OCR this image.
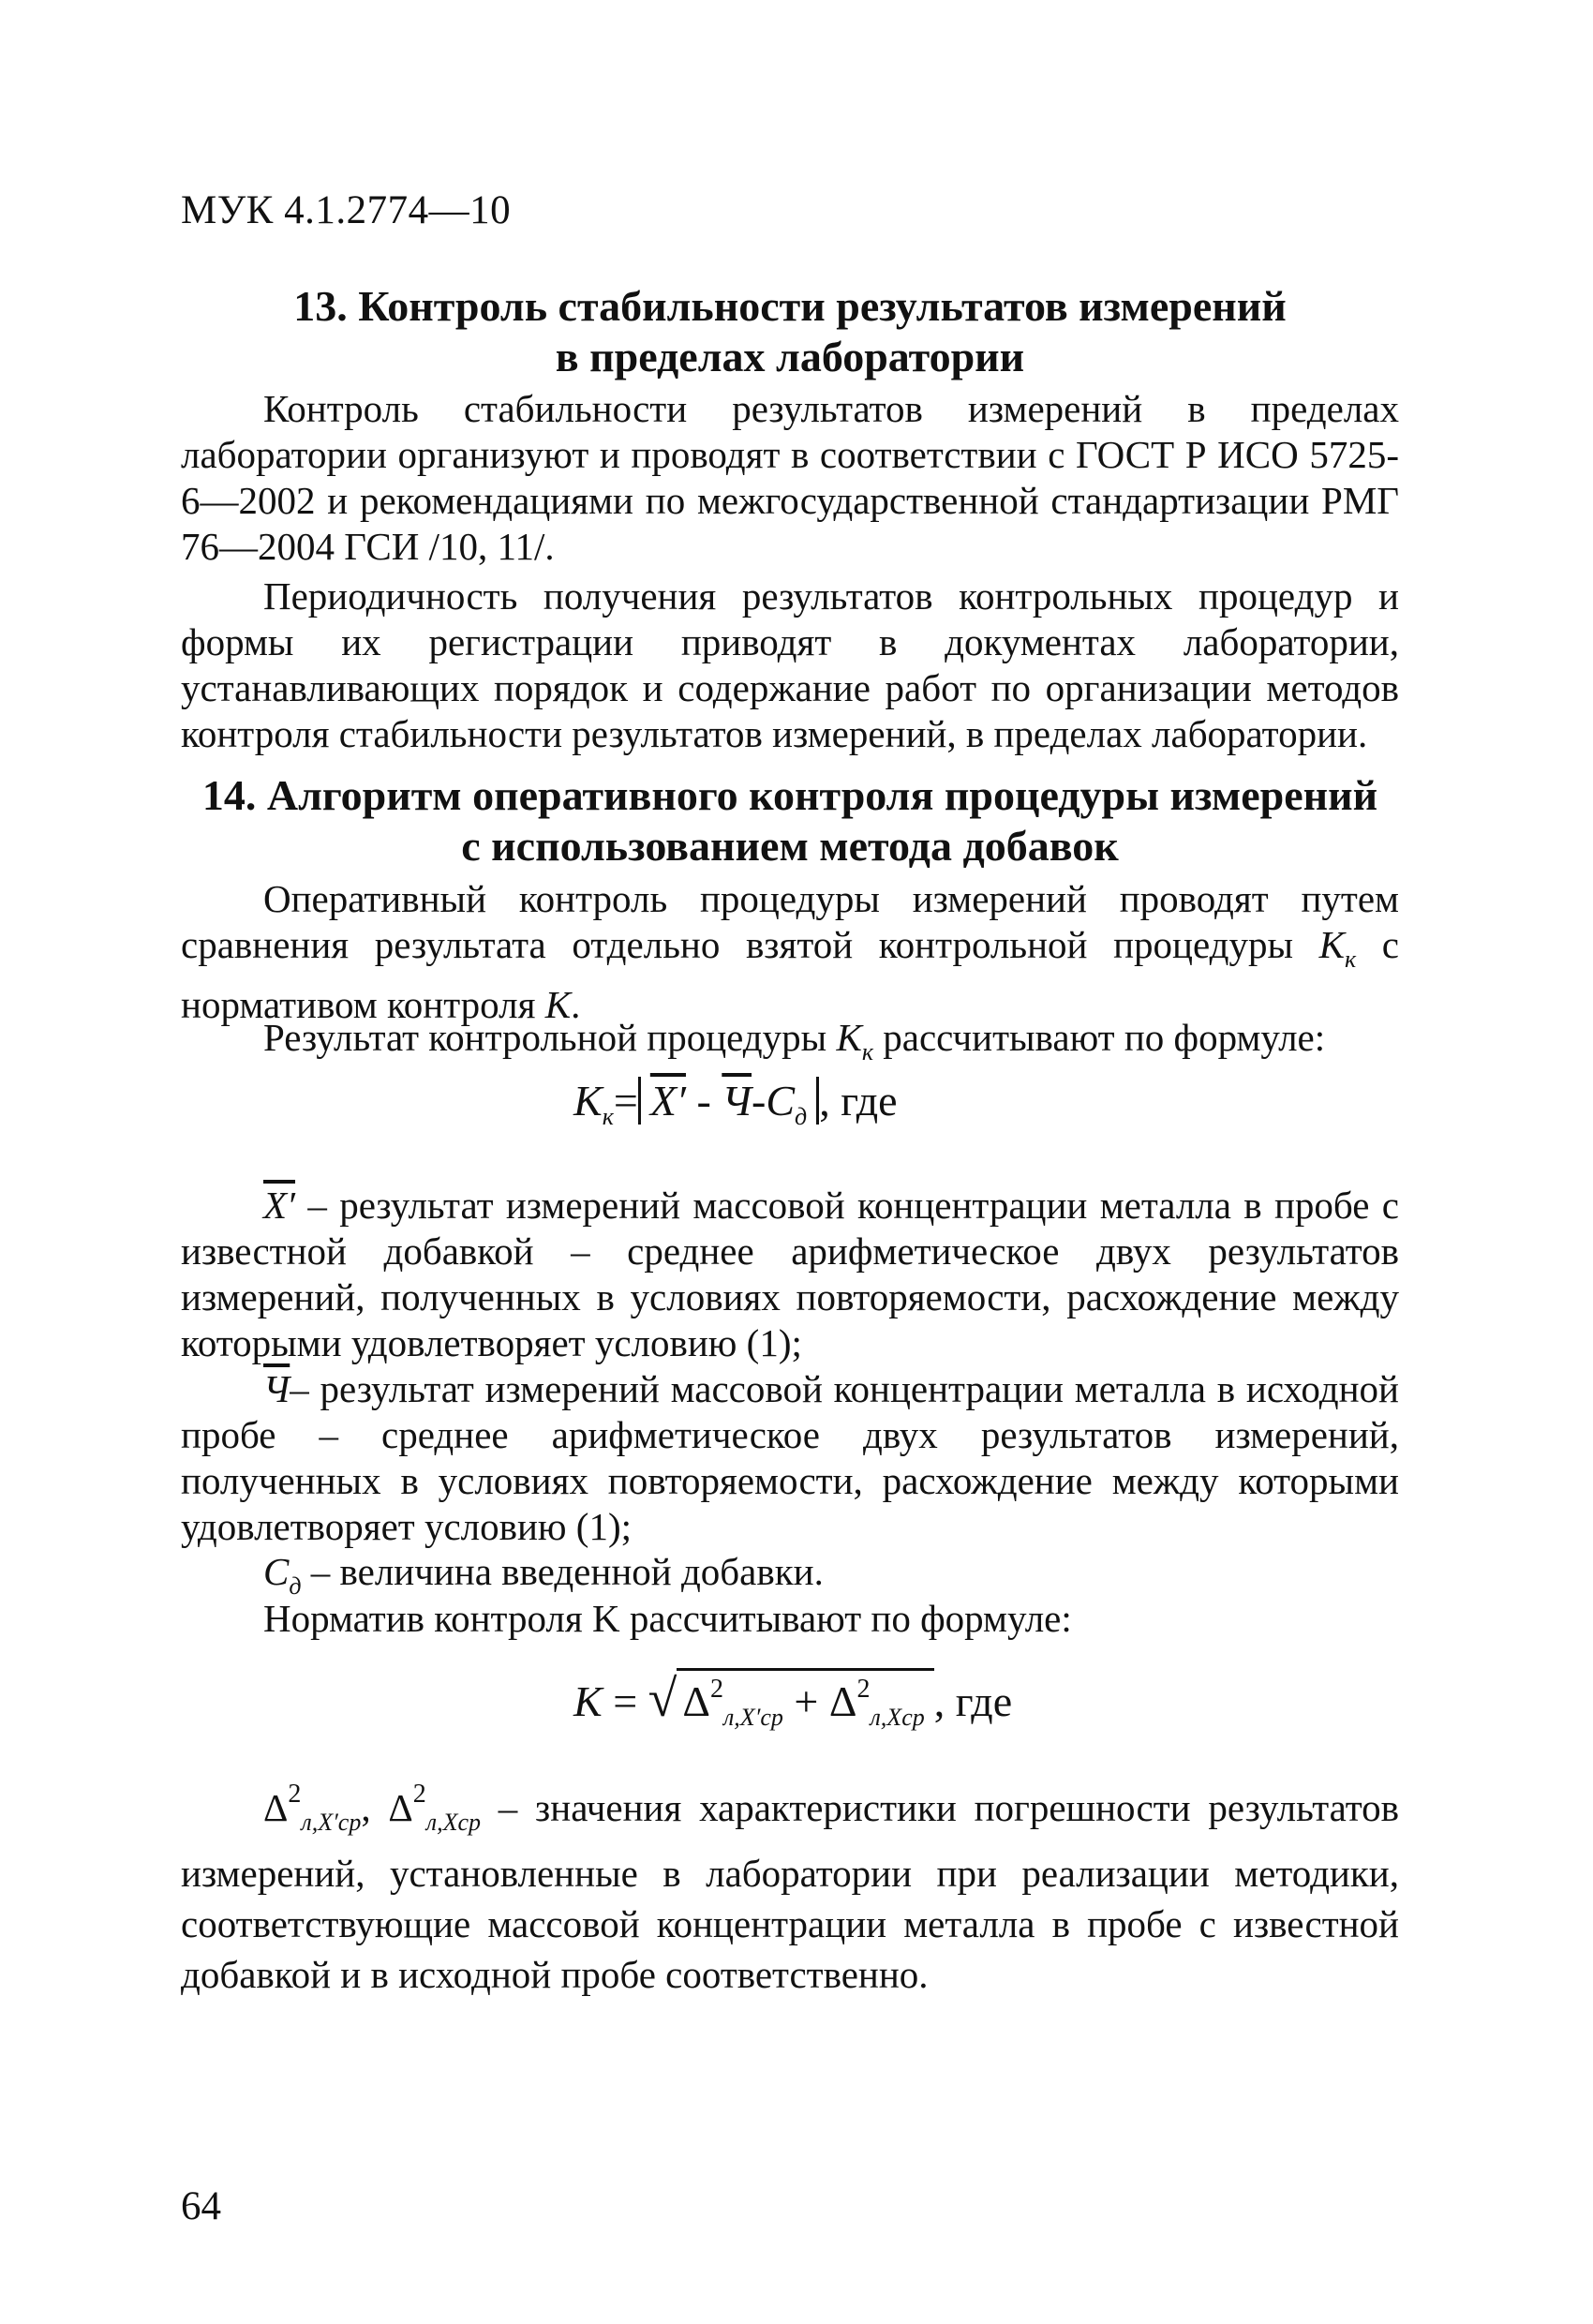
МУК 4.1.2774—10
13. Контроль стабильности результатов измерений
в пределах лаборатории

Контроль стабильности результатов измерений в пределах лаборатории организуют и проводят в соответствии с ГОСТ Р ИСО 5725-6—2002 и рекомендациями по межгосударственной стандартизации РМГ 76—2004 ГСИ /10, 11/.

Периодичность получения результатов контрольных процедур и формы их регистрации приводят в документах лаборатории, устанавливающих порядок и содержание работ по организации методов контроля стабильности результатов измерений, в пределах лаборатории.

14. Алгоритм оперативного контроля процедуры измерений
с использованием метода добавок

Оперативный контроль процедуры измерений проводят путем сравнения результата отдельно взятой контрольной процедуры $K_к$ с нормативом контроля K.

Результат контрольной процедуры $K_к$ рассчитывают по формуле:

$K_к= X' - Ч-C_д$ , где

X′ – результат измерений массовой концентрации металла в пробе с известной добавкой – среднее арифметическое двух результатов измерений, полученных в условиях повторяемости, расхождение между которыми удовлетворяет условию (1);

Ч– результат измерений массовой концентрации металла в исходной пробе – среднее арифметическое двух результатов измерений, полученных в условиях повторяемости, расхождение между которыми удовлетворяет условию (1);

$C_д$ – величина введенной добавки.

Норматив контроля K рассчитывают по формуле:

K = √ $\Delta^2_{л,X'ср} + \Delta^2_{л,Xср}$ , где

$\Delta^2_{л,X'ср}$, $\Delta^2_{л,Xср}$ – значения характеристики погрешности результатов измерений, установленные в лаборатории при реализации методики, соответствующие массовой концентрации металла в пробе с известной добавкой и в исходной пробе соответственно.

64
